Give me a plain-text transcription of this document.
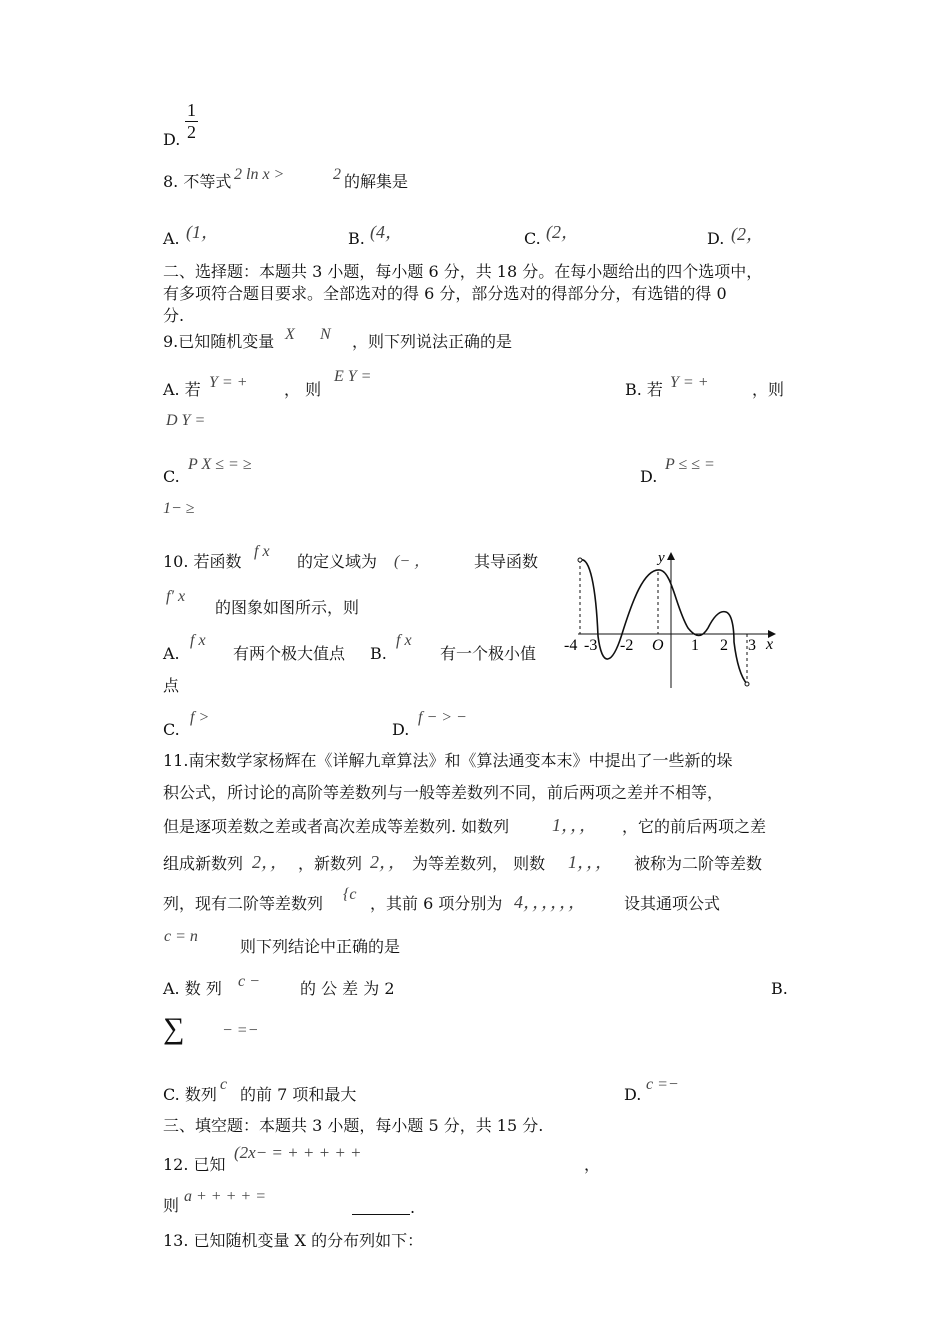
$\frac{1}{2}$
D.
8. 不等式 2 ln x >	2 的解集是
A. (1，	B. (4，	C. (2，	D. (2，
二、选择题：本题共 3 小题，每小题 6 分，共 18 分。在每小题给出的四个选项中，
有多项符合题目要求。全部选对的得 6 分，部分选对的得部分分，有选错的得 0
分.
9.已知随机变量 X N ，则下列说法正确的是
A. 若 Y = + ， 则
E Y =
B. 若 Y = +	，则
D Y =
C.
P X ≤ = ≥
D.
P ≤ ≤ =
1− ≥
10. 若函数
f x
的定义域为 (− ，	其导函数
f′ x
的图象如图所示，则
A.
f x
有两个极大值点 B.
f x
有一个极小值
点
C.
f >
D.
f − > −
y
x
O
-4 -3 -2	1 2 3
11.南宋数学家杨辉在《详解九章算法》和《算法通变本末》中提出了一些新的垛
积公式，所讨论的高阶等差数列与一般等差数列不同，前后两项之差并不相等，
但是逐项差数之差或者高次差成等差数列. 如数列 1，，， ，它的前后两项之差
组成新数列 2，， ，新数列 2，， 为等差数列， 则数 1，，， 被称为二阶等差数
列，现有二阶等差数列 {c ，其前 6 项分别为 4，，，，，， 设其通项公式
c = n
则下列结论中正确的是
A. 数 列 c −	的 公 差 为 2	B.
∑ − =−
C. 数列
c
的前 7 项和最大	D.
c =−
三、填空题：本题共 3 小题，每小题 5 分，共 15 分.
12. 已知
(2x− = + + + + +
，
则 a + + + + =
.
13. 已知随机变量 X 的分布列如下：
